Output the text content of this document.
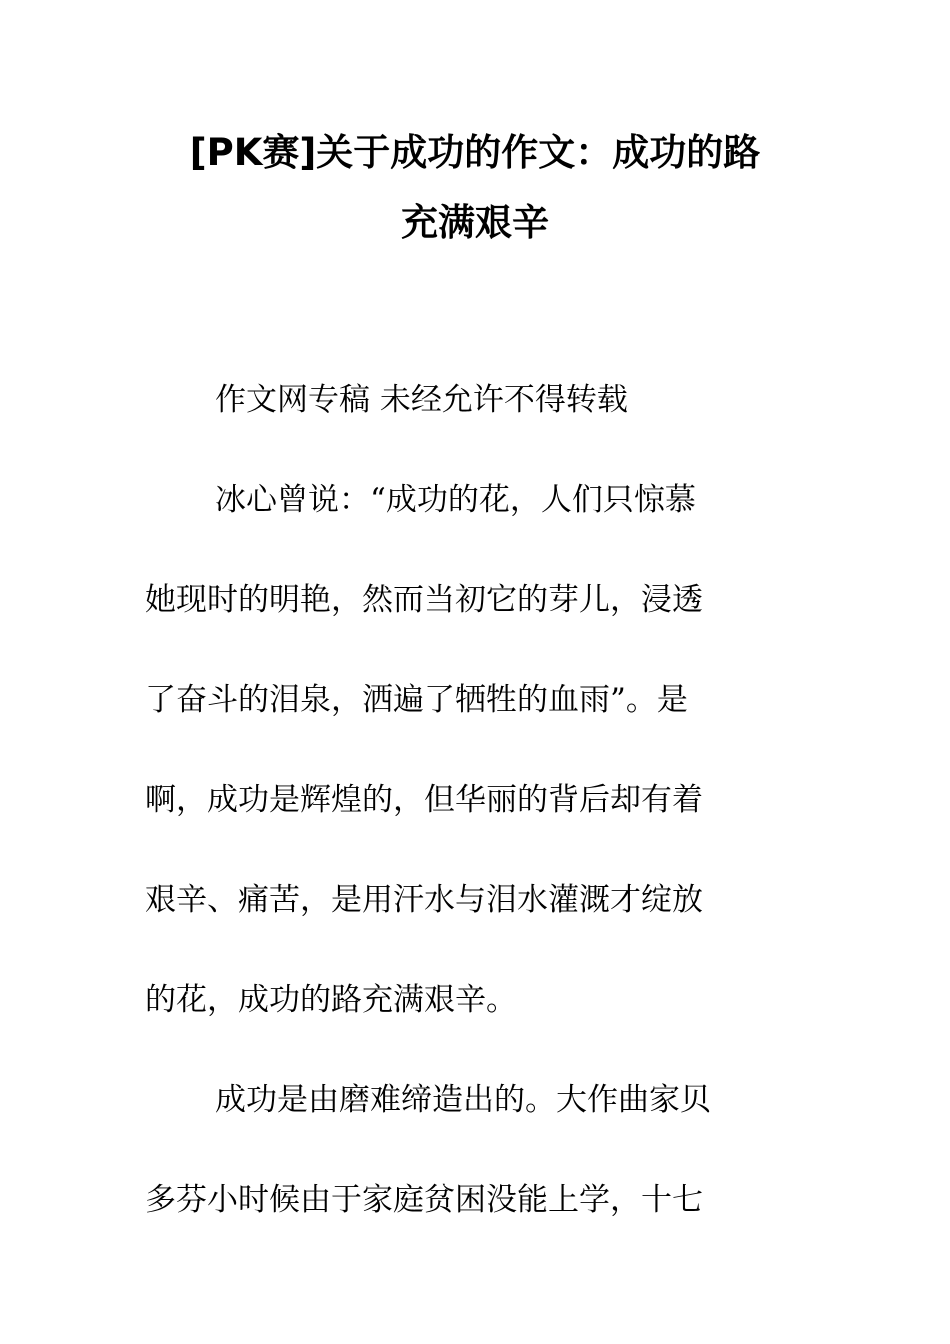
[PK赛]关于成功的作文：成功的路
充满艰辛
作文网专稿 未经允许不得转载
冰心曾说：“成功的花，人们只惊慕
她现时的明艳，然而当初它的芽儿，浸透
了奋斗的泪泉，洒遍了牺牲的血雨”。是
啊，成功是辉煌的，但华丽的背后却有着
艰辛、痛苦，是用汗水与泪水灌溉才绽放
的花，成功的路充满艰辛。
成功是由磨难缔造出的。大作曲家贝
多芬小时候由于家庭贫困没能上学，十七
